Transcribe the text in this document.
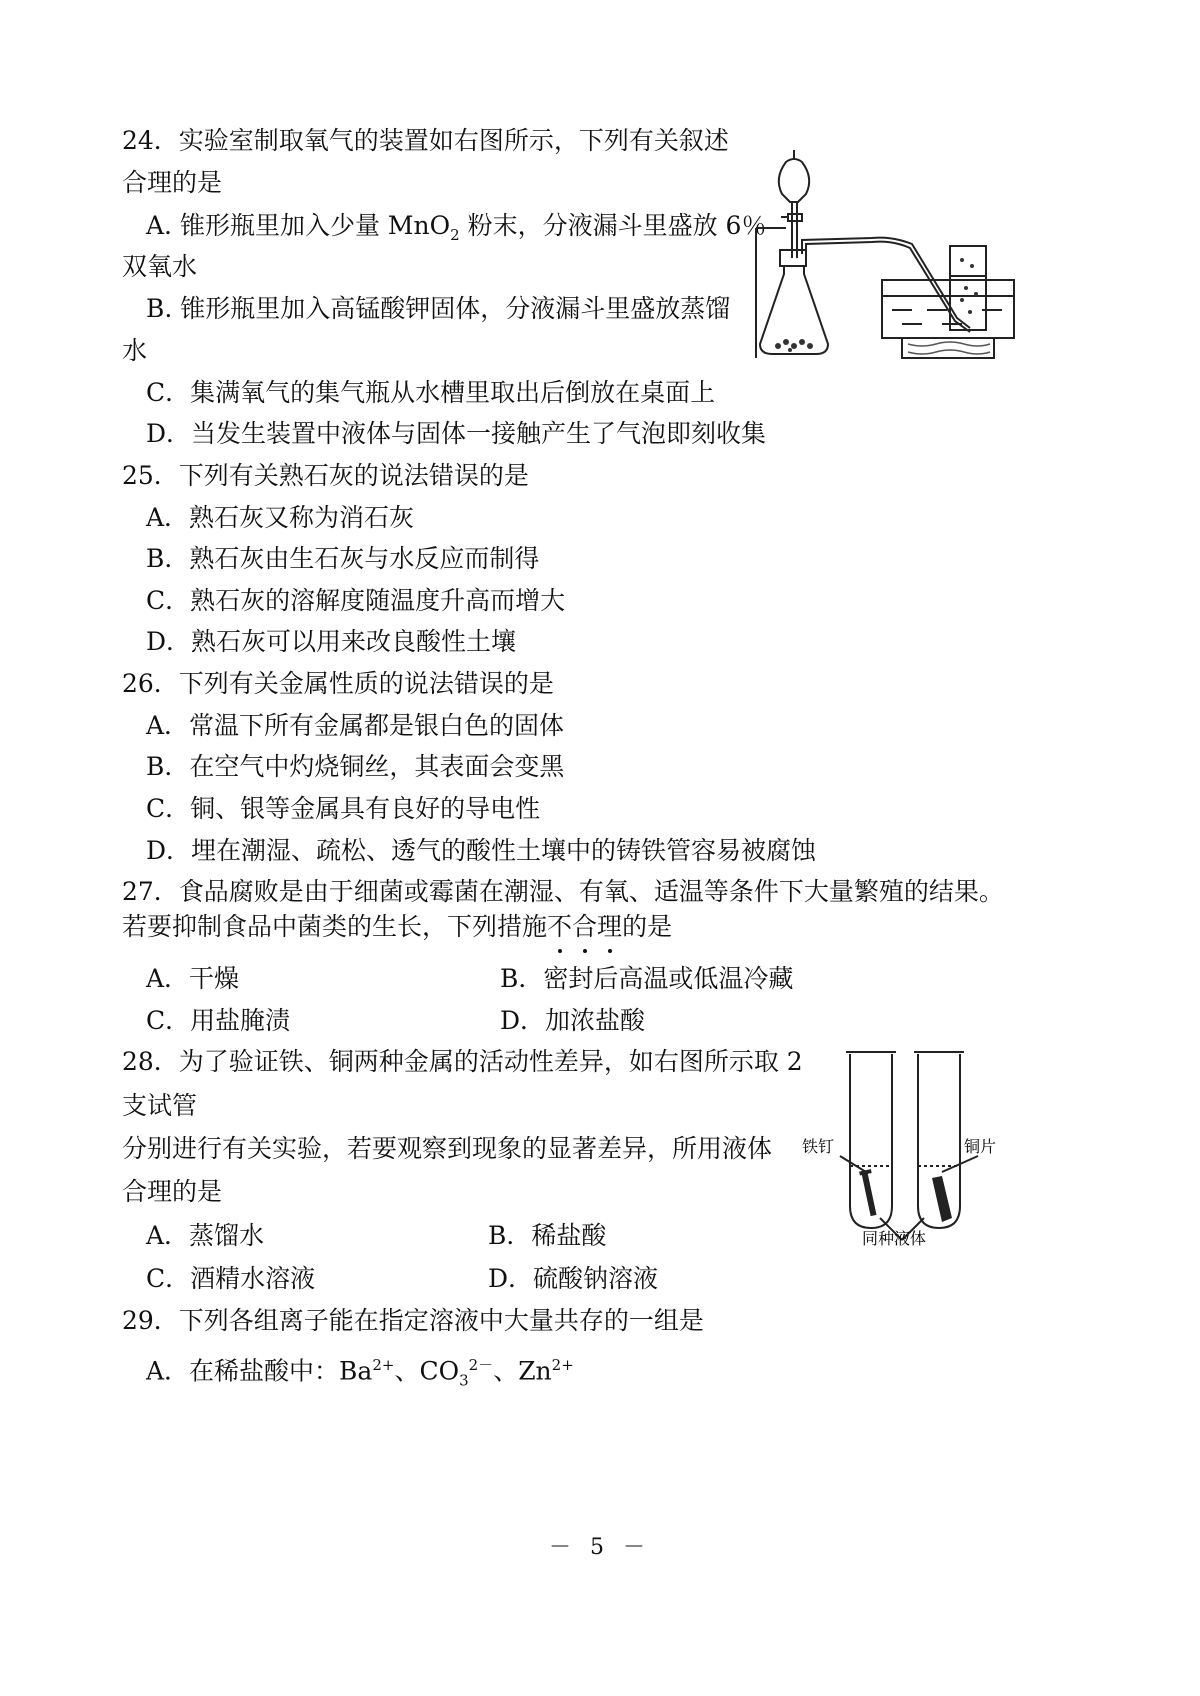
24．实验室制取氧气的装置如右图所示，下列有关叙述
合理的是
A. 锥形瓶里加入少量 MnO$_2$ 粉末，分液漏斗里盛放 6％
双氧水
B. 锥形瓶里加入高锰酸钾固体，分液漏斗里盛放蒸馏
水
C．集满氧气的集气瓶从水槽里取出后倒放在桌面上
D．当发生装置中液体与固体一接触产生了气泡即刻收集
25．下列有关熟石灰的说法错误的是
A．熟石灰又称为消石灰
B．熟石灰由生石灰与水反应而制得
C．熟石灰的溶解度随温度升高而增大
D．熟石灰可以用来改良酸性土壤
26．下列有关金属性质的说法错误的是
A．常温下所有金属都是银白色的固体
B．在空气中灼烧铜丝，其表面会变黑
C．铜、银等金属具有良好的导电性
D．埋在潮湿、疏松、透气的酸性土壤中的铸铁管容易被腐蚀
27．食品腐败是由于细菌或霉菌在潮湿、有氧、适温等条件下大量繁殖的结果。
若要抑制食品中菌类的生长，下列措施不合理的是
A．干燥	B．密封后高温或低温冷藏
C．用盐腌渍	D．加浓盐酸
28．为了验证铁、铜两种金属的活动性差异，如右图所示取 2
支试管
分别进行有关实验，若要观察到现象的显著差异，所用液体
合理的是
A．蒸馏水	B．稀盐酸
C．酒精水溶液	D．硫酸钠溶液
铁钉	铜片
同种液体
29．下列各组离子能在指定溶液中大量共存的一组是
A．在稀盐酸中：$Ba^{2+}$、$CO_3^{2-}$、$Zn^{2+}$
－ 5 －
